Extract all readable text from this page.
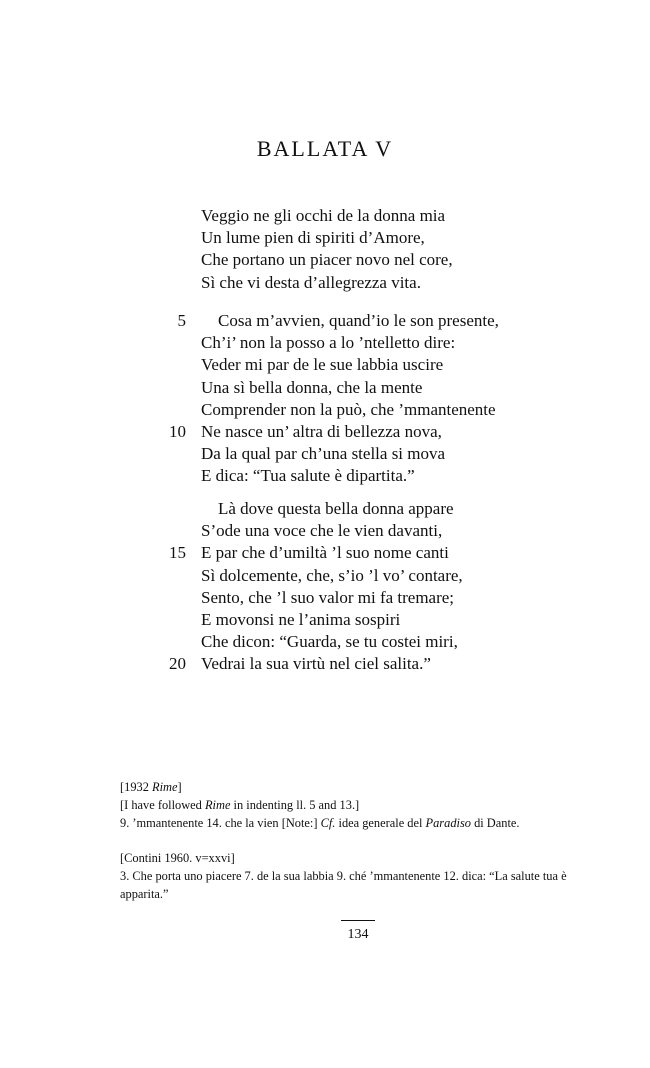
BALLATA V
Veggio ne gli occhi de la donna mia
Un lume pien di spiriti d’Amore,
Che portano un piacer novo nel core,
Sì che vi desta d’allegrezza vita.
5 Cosa m’avvien, quand’io le son presente,
Ch’i’ non la posso a lo ’ntelletto dire:
Veder mi par de le sue labbia uscire
Una sì bella donna, che la mente
Comprender non la può, che ’mmantenente
10 Ne nasce un’ altra di bellezza nova,
Da la qual par ch’una stella si mova
E dica: “Tua salute è dipartita.”
Là dove questa bella donna appare
S’ode una voce che le vien davanti,
15 E par che d’umiltà ’l suo nome canti
Sì dolcemente, che, s’io ’l vo’ contare,
Sento, che ’l suo valor mi fa tremare;
E movonsi ne l’anima sospiri
Che dicon: “Guarda, se tu costei miri,
20 Vedrai la sua virtù nel ciel salita.”
[1932 Rime]
[I have followed Rime in indenting ll. 5 and 13.]
9. ’mmantenente 14. che la vien [Note:] Cf. idea generale del Paradiso di Dante.
[Contini 1960. v=xxvi]
3. Che porta uno piacere 7. de la sua labbia 9. ché ’mmantenente 12. dica: “La salute tua è apparita.”
134
